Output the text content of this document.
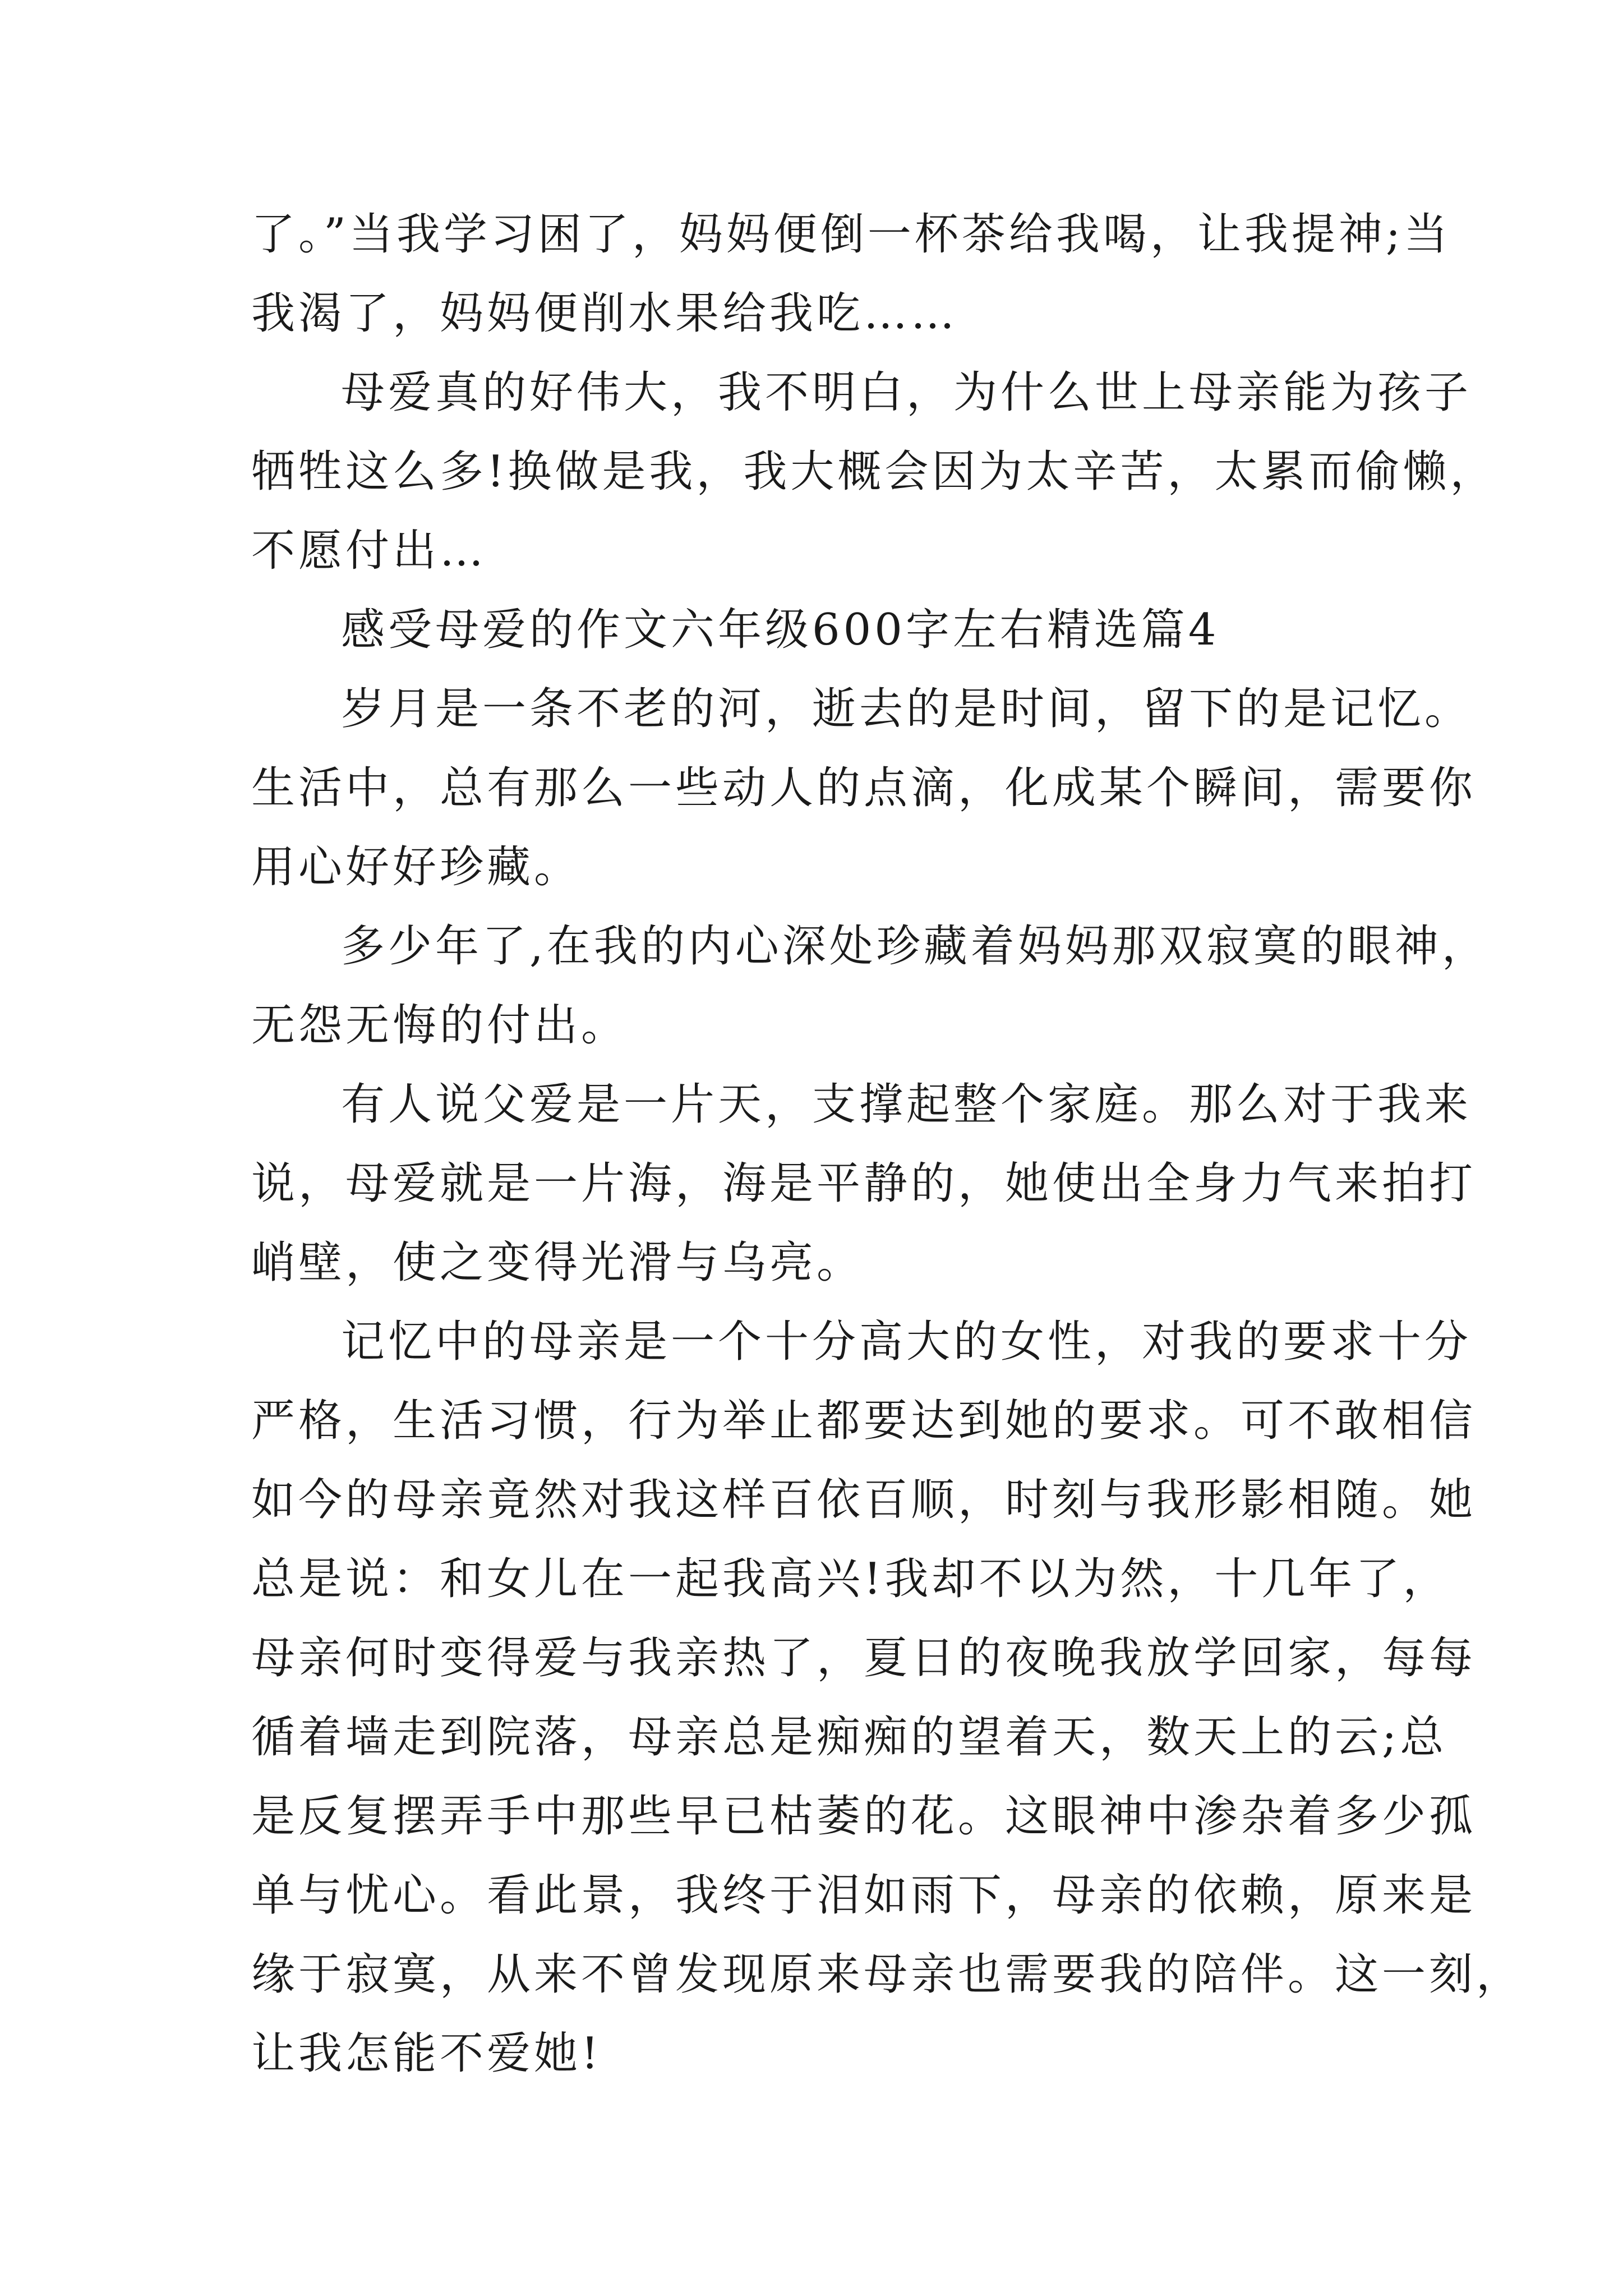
了。”当我学习困了，妈妈便倒一杯茶给我喝，让我提神;当
我渴了，妈妈便削水果给我吃……
母爱真的好伟大，我不明白，为什么世上母亲能为孩子
牺牲这么多!换做是我，我大概会因为太辛苦，太累而偷懒，
不愿付出…
感受母爱的作文六年级600字左右精选篇4
岁月是一条不老的河，逝去的是时间，留下的是记忆。
生活中，总有那么一些动人的点滴，化成某个瞬间，需要你
用心好好珍藏。
多少年了,在我的内心深处珍藏着妈妈那双寂寞的眼神，
无怨无悔的付出。
有人说父爱是一片天，支撑起整个家庭。那么对于我来
说，母爱就是一片海，海是平静的，她使出全身力气来拍打
峭壁，使之变得光滑与乌亮。
记忆中的母亲是一个十分高大的女性，对我的要求十分
严格，生活习惯，行为举止都要达到她的要求。可不敢相信
如今的母亲竟然对我这样百依百顺，时刻与我形影相随。她
总是说：和女儿在一起我高兴!我却不以为然，十几年了，
母亲何时变得爱与我亲热了，夏日的夜晚我放学回家，每每
循着墙走到院落，母亲总是痴痴的望着天，数天上的云;总
是反复摆弄手中那些早已枯萎的花。这眼神中渗杂着多少孤
单与忧心。看此景，我终于泪如雨下，母亲的依赖，原来是
缘于寂寞，从来不曾发现原来母亲也需要我的陪伴。这一刻，
让我怎能不爱她!
